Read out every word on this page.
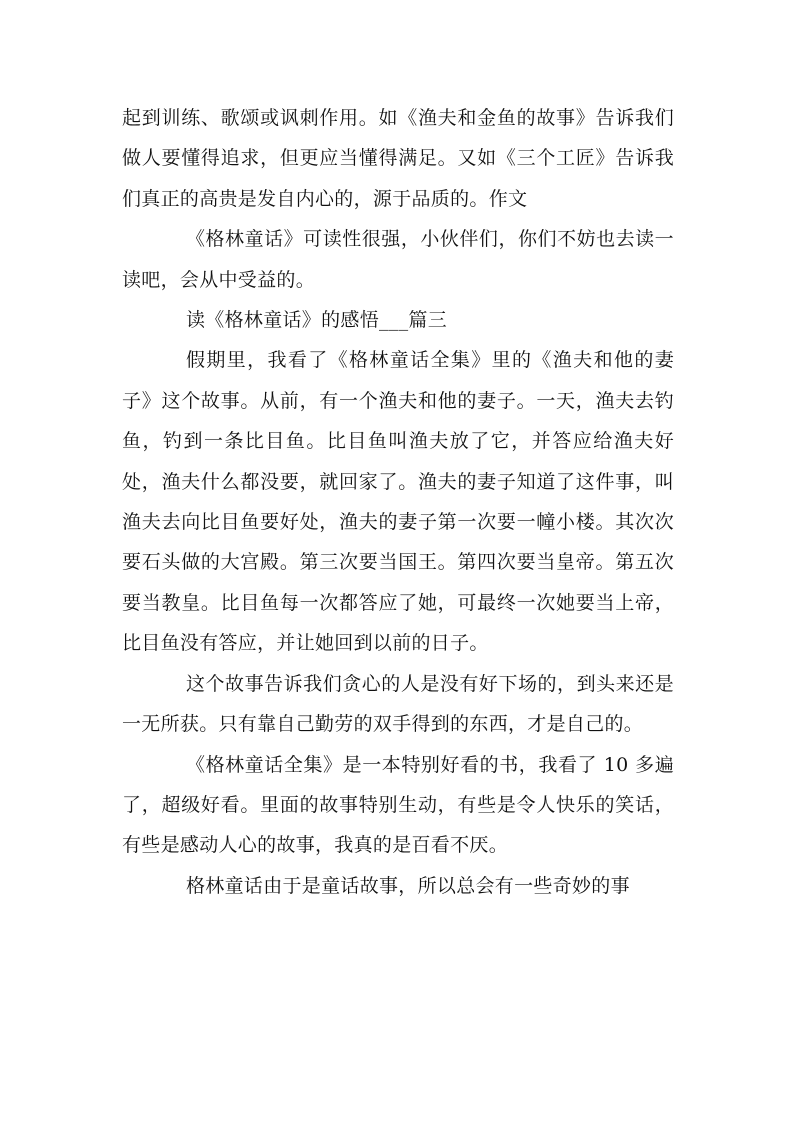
起到训练、歌颂或讽刺作用。如《渔夫和金鱼的故事》告诉我们做人要懂得追求，但更应当懂得满足。又如《三个工匠》告诉我们真正的高贵是发自内心的，源于品质的。作文

《格林童话》可读性很强，小伙伴们，你们不妨也去读一读吧，会从中受益的。

读《格林童话》的感悟___篇三

假期里，我看了《格林童话全集》里的《渔夫和他的妻子》这个故事。从前，有一个渔夫和他的妻子。一天，渔夫去钓鱼，钓到一条比目鱼。比目鱼叫渔夫放了它，并答应给渔夫好处，渔夫什么都没要，就回家了。渔夫的妻子知道了这件事，叫渔夫去向比目鱼要好处，渔夫的妻子第一次要一幢小楼。其次次要石头做的大宫殿。第三次要当国王。第四次要当皇帝。第五次要当教皇。比目鱼每一次都答应了她，可最终一次她要当上帝，比目鱼没有答应，并让她回到以前的日子。

这个故事告诉我们贪心的人是没有好下场的，到头来还是一无所获。只有靠自己勤劳的双手得到的东西，才是自己的。

《格林童话全集》是一本特别好看的书，我看了 10 多遍了，超级好看。里面的故事特别生动，有些是令人快乐的笑话，有些是感动人心的故事，我真的是百看不厌。

格林童话由于是童话故事，所以总会有一些奇妙的事
